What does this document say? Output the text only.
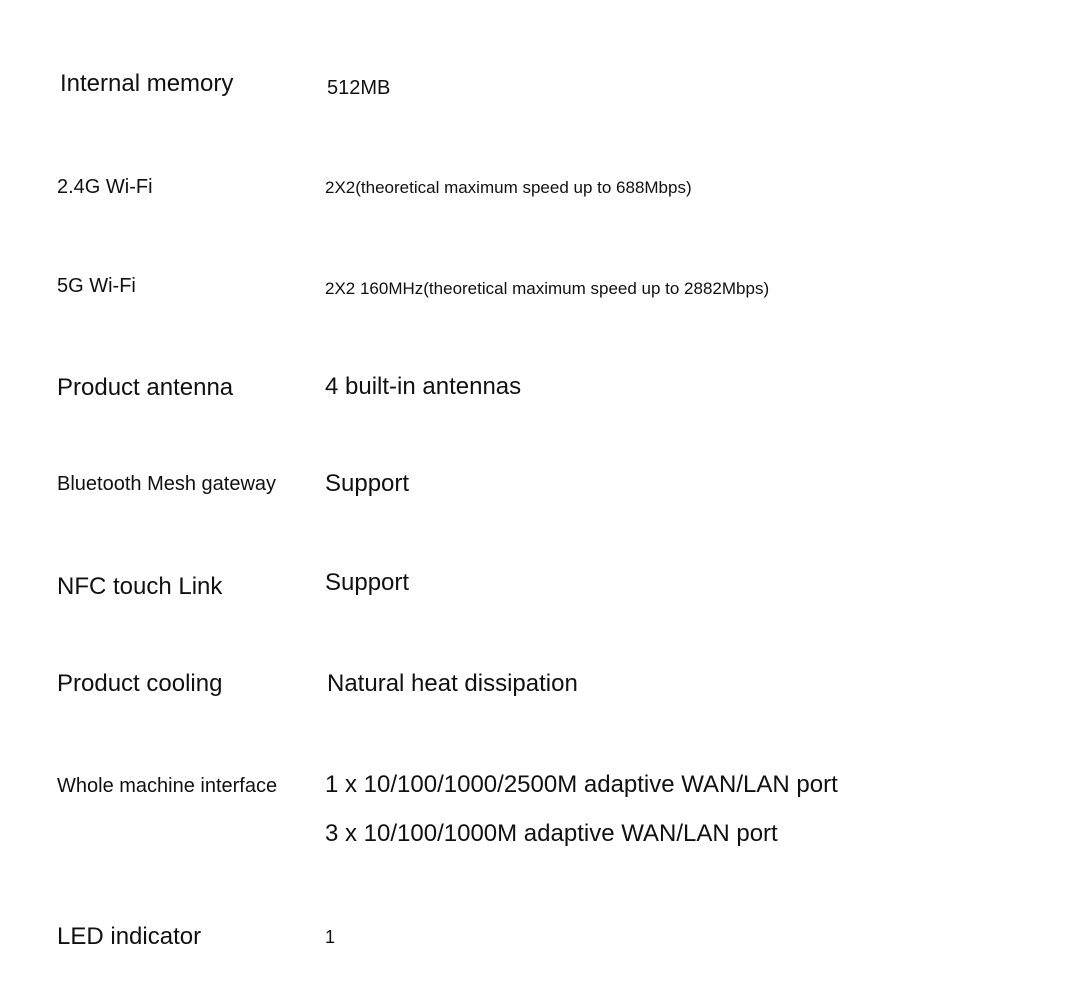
Internal memory	512MB
2.4G Wi-Fi	2X2(theoretical maximum speed up to 688Mbps)
5G Wi-Fi	2X2 160MHz(theoretical maximum speed up to 2882Mbps)
Product antenna	4 built-in antennas
Bluetooth Mesh gateway Support
NFC touch Link	Support
Product cooling	Natural heat dissipation
Whole machine interface 1 x 10/100/1000/2500M adaptive WAN/LAN port
3 x 10/100/1000M adaptive WAN/LAN port
LED indicator	1
